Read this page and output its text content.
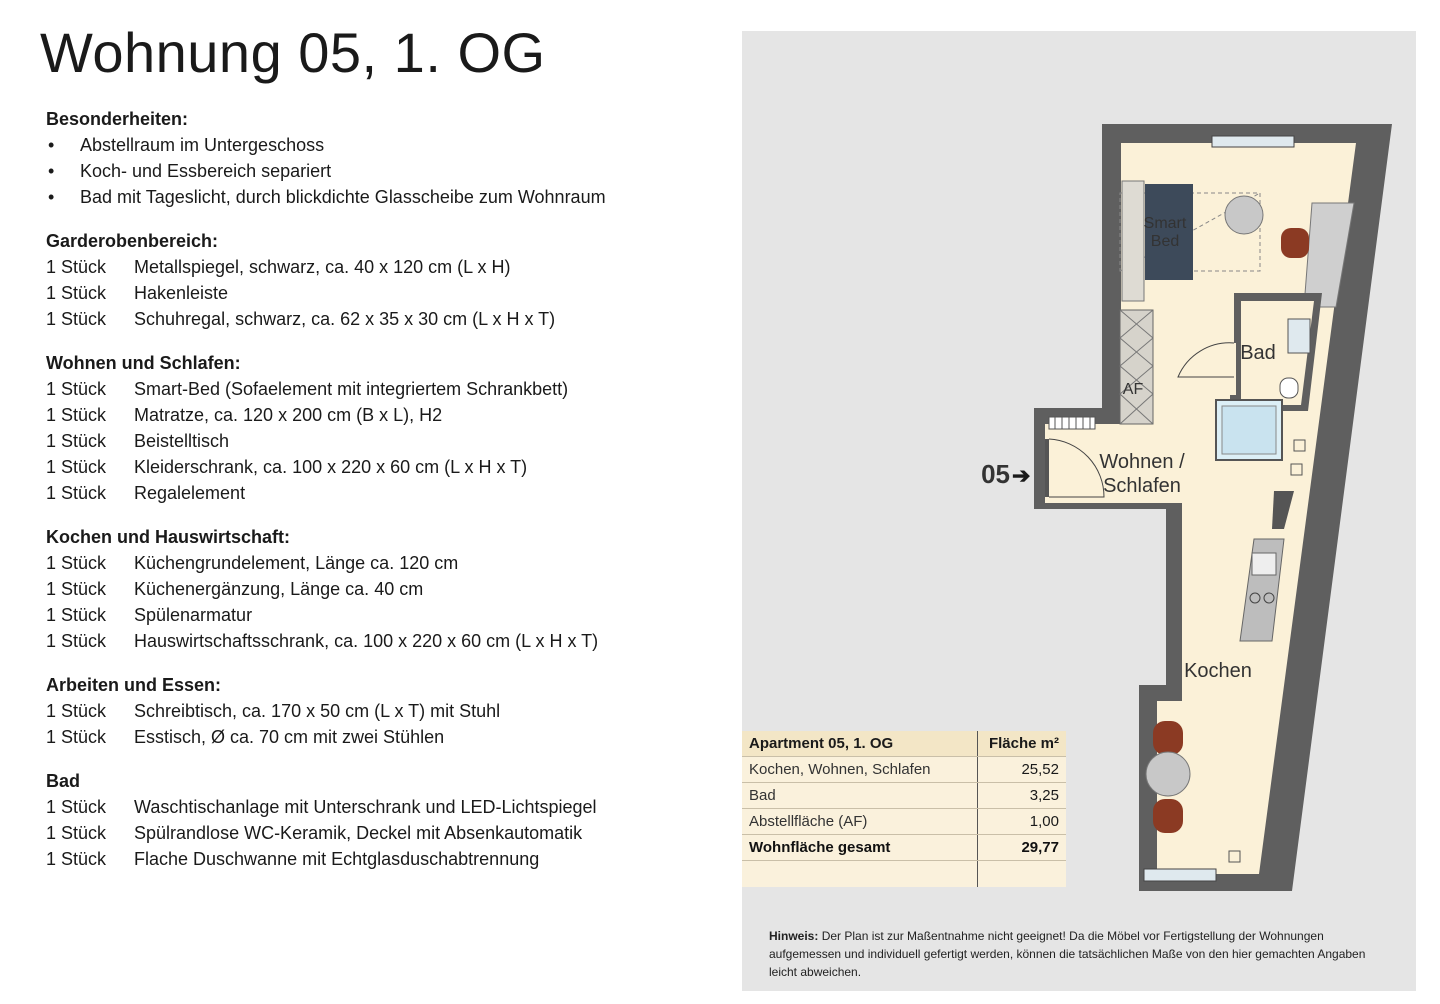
Wohnung 05, 1. OG
Besonderheiten:
•	Abstellraum im Untergeschoss
•	Koch- und Essbereich separiert
•	Bad mit Tageslicht, durch blickdichte Glasscheibe zum Wohnraum
Garderobenbereich:
1 Stück	Metallspiegel, schwarz, ca. 40 x 120 cm (L x H)
1 Stück	Hakenleiste
1 Stück	Schuhregal, schwarz, ca. 62 x 35 x 30 cm (L x H x T)
Wohnen und Schlafen:
1 Stück	Smart-Bed (Sofaelement mit integriertem Schrankbett)
1 Stück	Matratze, ca. 120 x 200 cm (B x L), H2
1 Stück	Beistelltisch
1 Stück	Kleiderschrank, ca. 100 x 220 x 60 cm (L x H x T)
1 Stück	Regalelement
Kochen und Hauswirtschaft:
1 Stück	Küchengrundelement, Länge ca. 120 cm
1 Stück	Küchenergänzung, Länge ca. 40 cm
1 Stück	Spülenarmatur
1 Stück	Hauswirtschaftsschrank, ca. 100 x 220 x 60 cm (L x H x T)
Arbeiten und Essen:
1 Stück	Schreibtisch, ca. 170 x 50 cm (L x T) mit Stuhl
1 Stück	Esstisch, Ø ca. 70 cm mit zwei Stühlen
Bad
1 Stück	Waschtischanlage mit Unterschrank und LED-Lichtspiegel
1 Stück	Spülrandlose WC-Keramik, Deckel mit Absenkautomatik
1 Stück	Flache Duschwanne mit Echtglasduschabtrennung
Smart
Bed
AF
05 ➔
Bad
Wohnen /
Schlafen
Kochen
Apartment 05, 1. OG	Fläche m²
Kochen, Wohnen, Schlafen	25,52
Bad	3,25
Abstellfläche (AF)	1,00
Wohnfläche gesamt	29,77

Hinweis: Der Plan ist zur Maßentnahme nicht geeignet! Da die Möbel vor Fertigstellung der Wohnungen aufgemessen und individuell gefertigt werden, können die tatsächlichen Maße von den hier gemachten Angaben leicht abweichen.
